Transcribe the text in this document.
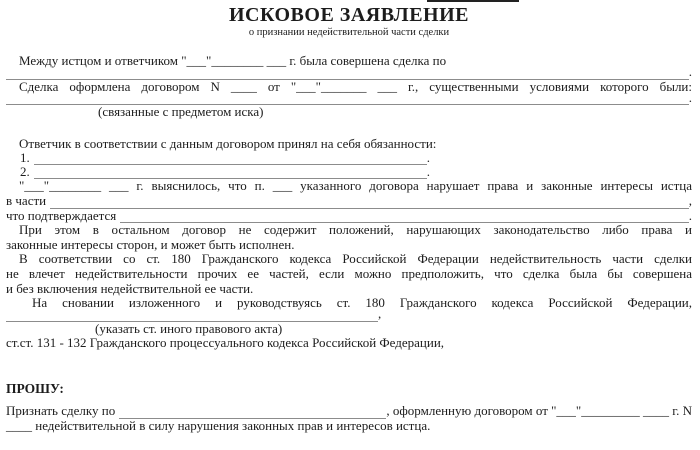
ИСКОВОЕ ЗАЯВЛЕНИЕ
о признании недействительной части сделки

Между истцом и ответчиком "___"________ ___ г. была совершена сделка по

.

Сделка оформлена договором N ____ от "___"_______ ___ г., существенными условиями которого были:

.
(связанные с предметом иска)

Ответчик в соответствии с данным договором принял на себя обязанности:

1.	.
2.	.

"___"________ ___ г. выяснилось, что п. ___ указанного договора нарушает права и законные интересы истца

в части	,
что подтверждается	.

При этом в остальном договор не содержит положений, нарушающих законодательство либо права и

законные интересы сторон, и может быть исполнен.

В соответствии со ст. 180 Гражданского кодекса Российской Федерации недействительность части сделки

не влечет недействительности прочих ее частей, если можно предположить, что сделка была бы совершена

и без включения недействительной ее части.

На сновании изложенного и руководствуясь ст. 180 Гражданского кодекса Российской Федерации,

,
(указать ст. иного правового акта)

ст.ст. 131 - 132 Гражданского процессуального кодекса Российской Федерации,

ПРОШУ:
Признать сделку по	, оформленную договором от "___"_________ ____ г. N

____ недействительной в силу нарушения законных прав и интересов истца.
